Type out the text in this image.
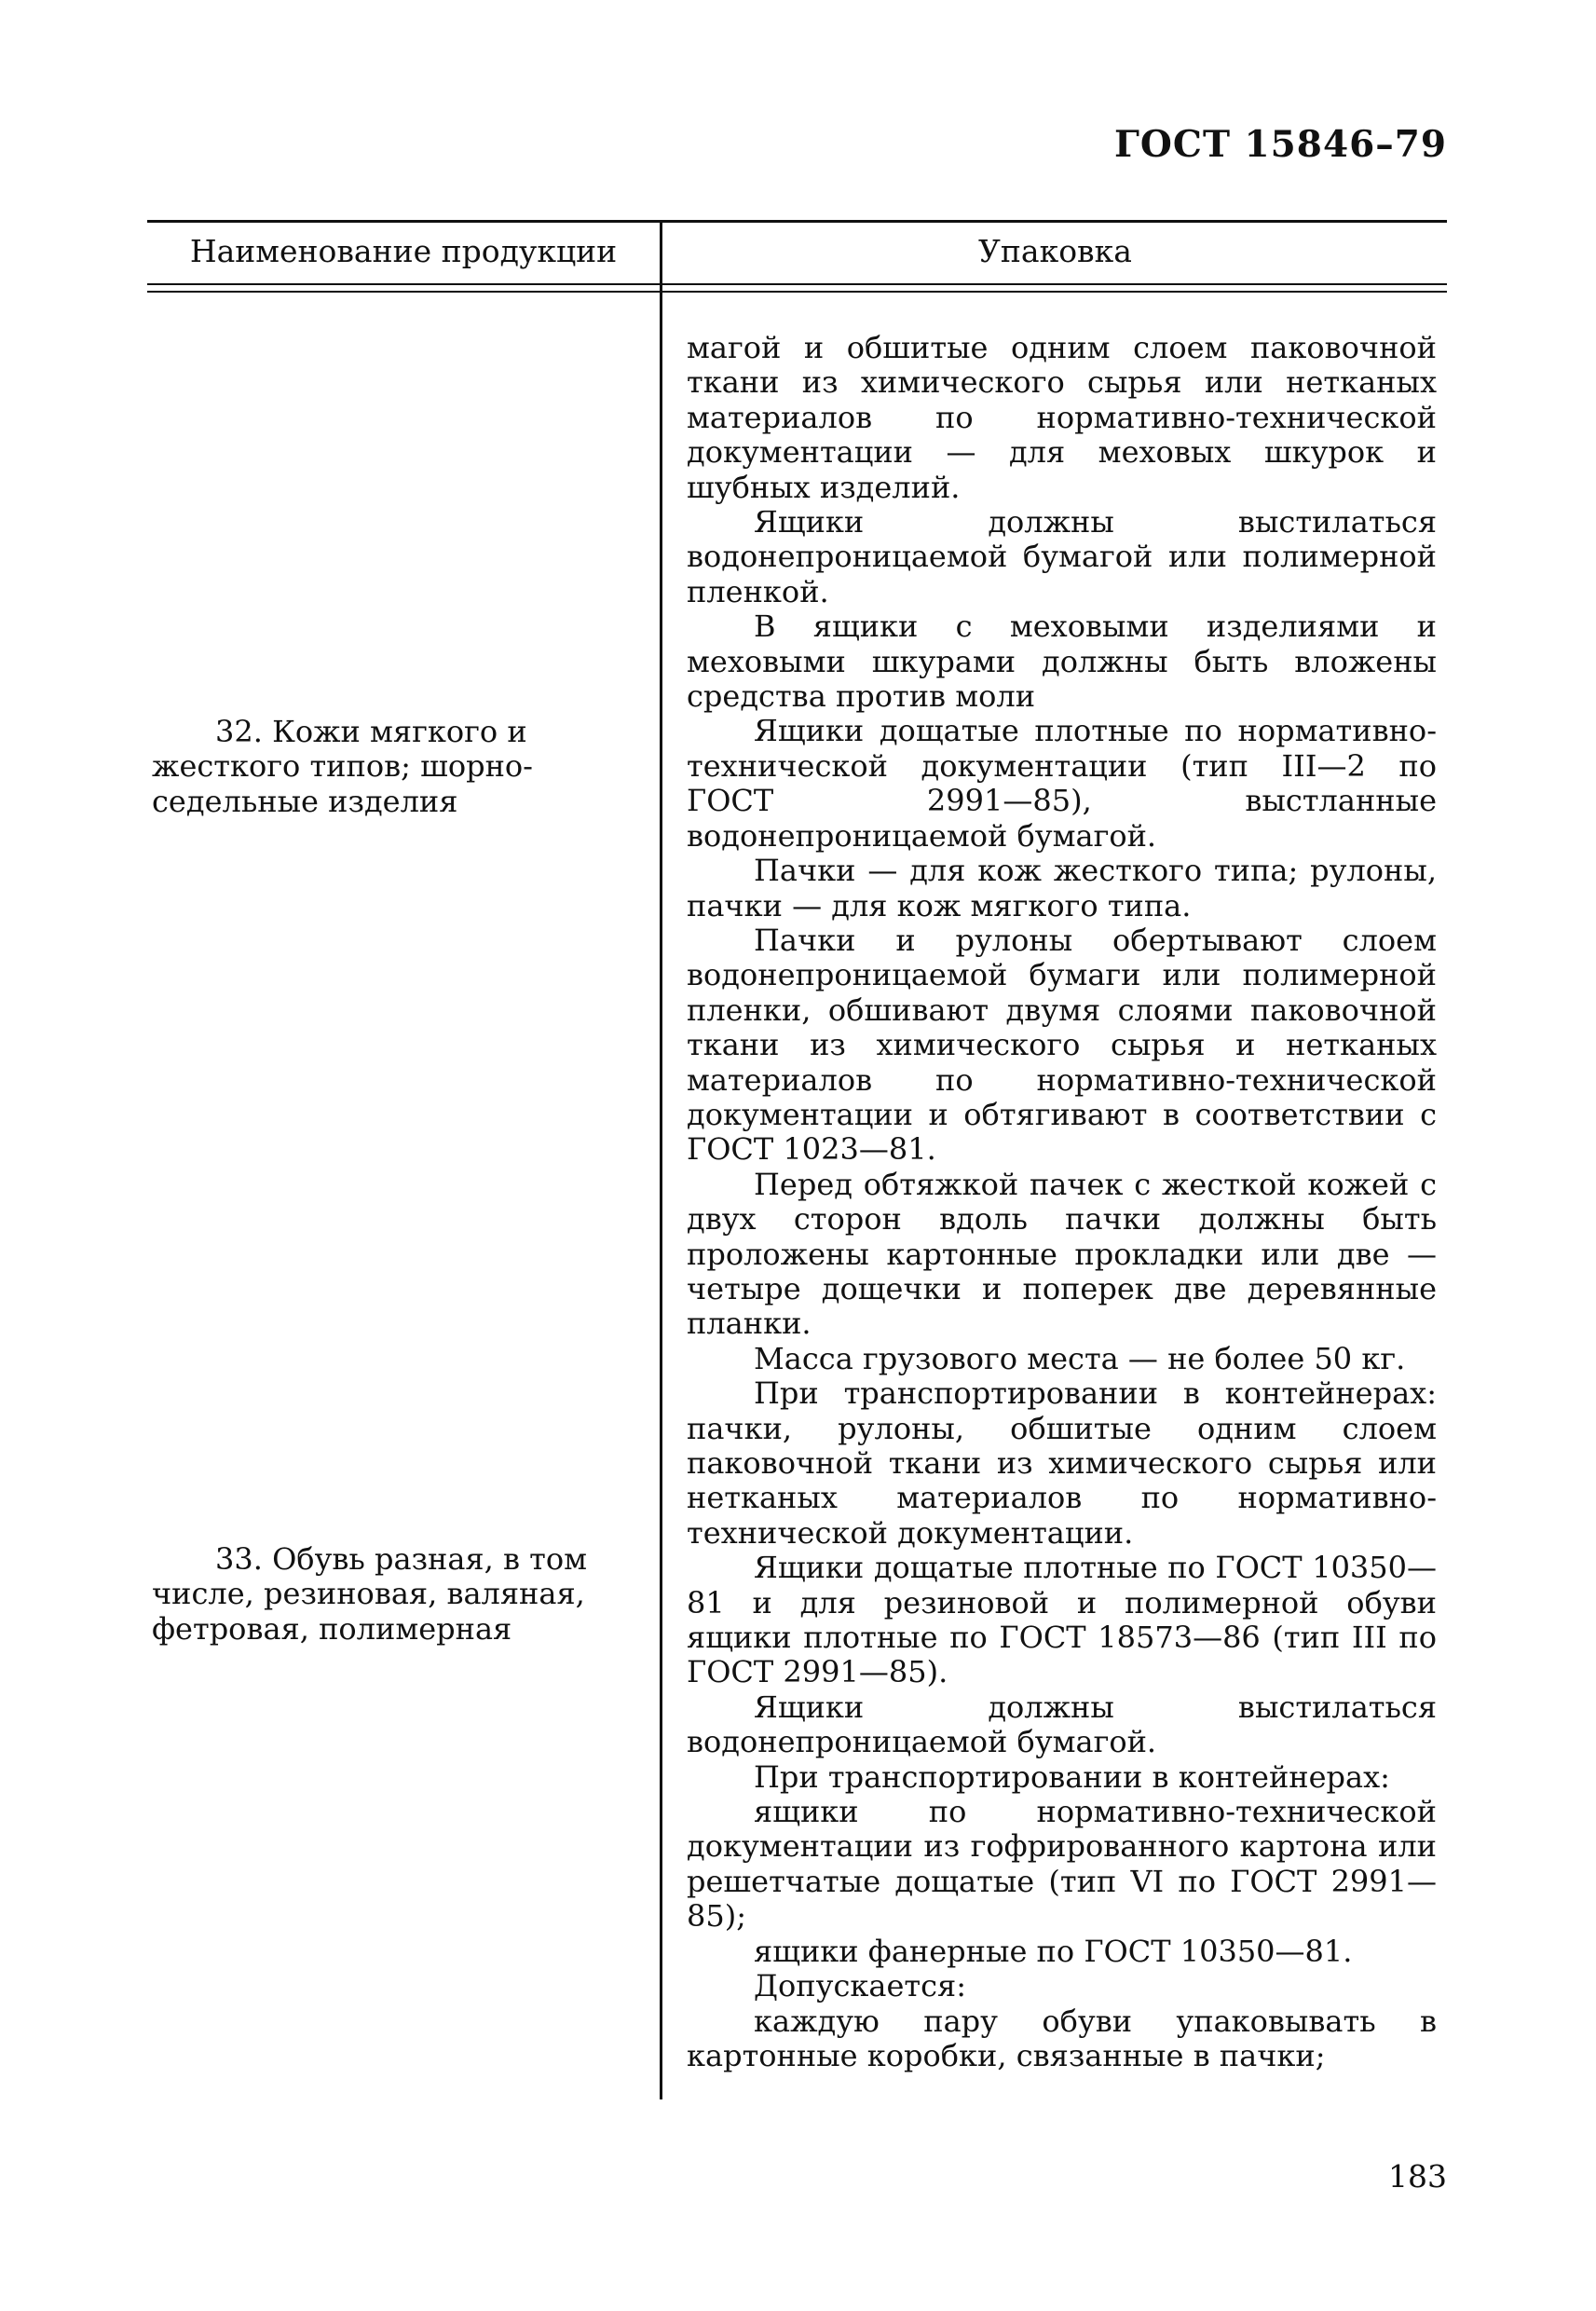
ГОСТ 15846–79
Наименование продукции	Упаковка
32. Кожи мягкого и жесткого типов; шорно-седельные изделия
33. Обувь разная, в том числе, резиновая, валяная, фетровая, полимерная

магой и обшитые одним слоем паковочной ткани из химического сырья или нетканых материалов по нормативно-технической документации — для меховых шкурок и шубных изделий.

Ящики должны выстилаться водонепроницаемой бумагой или полимерной пленкой.

В ящики с меховыми изделиями и меховыми шкурами должны быть вложены средства против моли

Ящики дощатые плотные по нормативно-технической документации (тип III—2 по ГОСТ 2991—85), выстланные водонепроницаемой бумагой.

Пачки — для кож жесткого типа; рулоны, пачки — для кож мягкого типа.

Пачки и рулоны обертывают слоем водонепроницаемой бумаги или полимерной пленки, обшивают двумя слоями паковочной ткани из химического сырья и нетканых материалов по нормативно-технической документации и обтягивают в соответствии с ГОСТ 1023—81.

Перед обтяжкой пачек с жесткой кожей с двух сторон вдоль пачки должны быть проложены картонные прокладки или две — четыре дощечки и поперек две деревянные планки.

Масса грузового места — не более 50 кг.

При транспортировании в контейнерах: пачки, рулоны, обшитые одним слоем паковочной ткани из химического сырья или нетканых материалов по нормативно-технической документации.

Ящики дощатые плотные по ГОСТ 10350—81 и для резиновой и полимерной обуви ящики плотные по ГОСТ 18573—86 (тип III по ГОСТ 2991—85).

Ящики должны выстилаться водонепроницаемой бумагой.

При транспортировании в контейнерах:

ящики по нормативно-технической документации из гофрированного картона или решетчатые дощатые (тип VI по ГОСТ 2991—85);

ящики фанерные по ГОСТ 10350—81.

Допускается:

каждую пару обуви упаковывать в картонные коробки, связанные в пачки;

183
